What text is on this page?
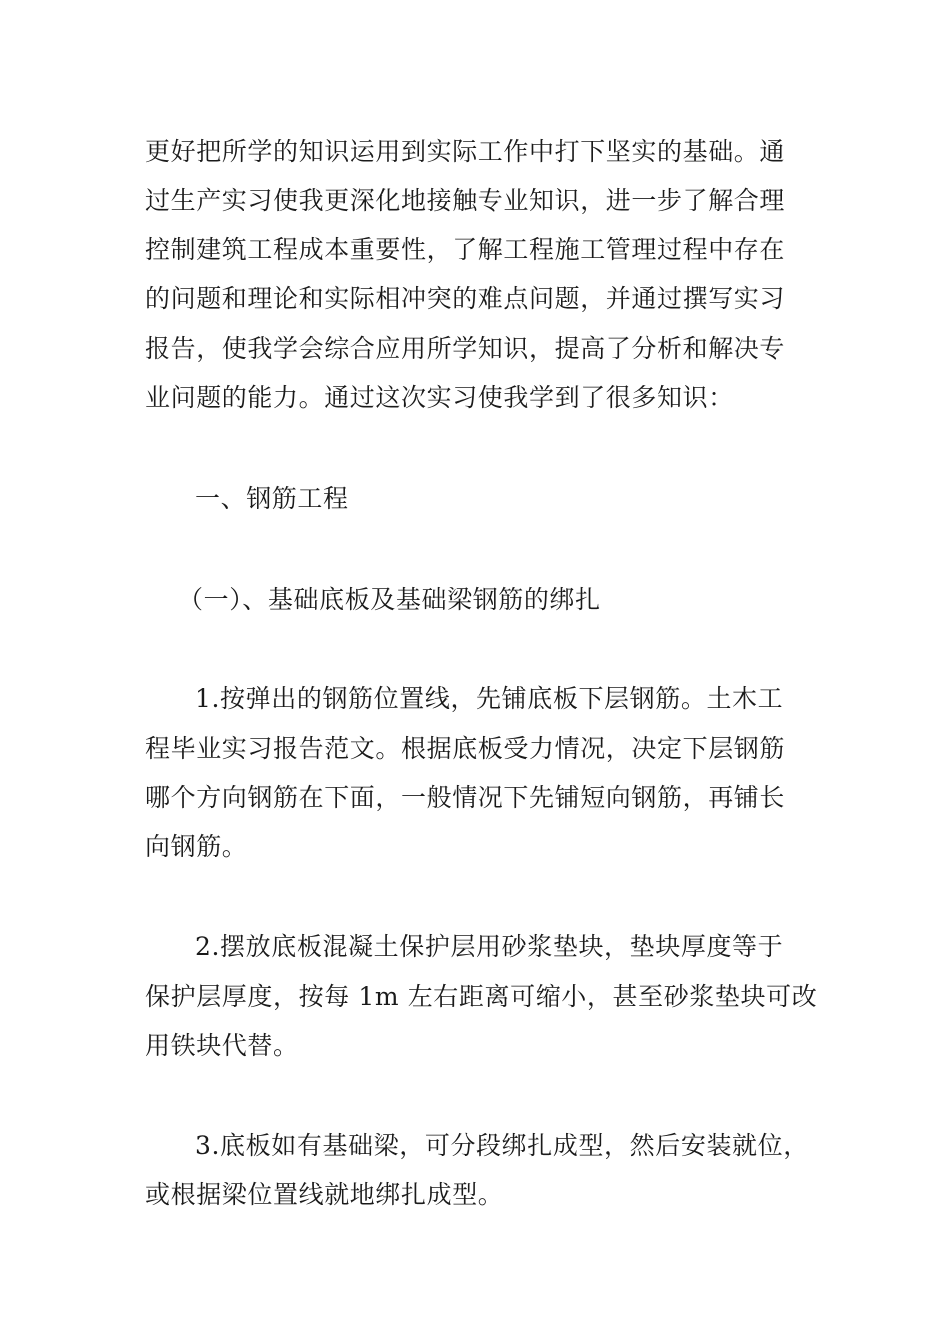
更好把所学的知识运用到实际工作中打下坚实的基础。通
过生产实习使我更深化地接触专业知识，进一步了解合理
控制建筑工程成本重要性，了解工程施工管理过程中存在
的问题和理论和实际相冲突的难点问题，并通过撰写实习
报告，使我学会综合应用所学知识，提高了分析和解决专
业问题的能力。通过这次实习使我学到了很多知识：
一、钢筋工程
（一）、基础底板及基础梁钢筋的绑扎
1.按弹出的钢筋位置线，先铺底板下层钢筋。土木工
程毕业实习报告范文。根据底板受力情况，决定下层钢筋
哪个方向钢筋在下面，一般情况下先铺短向钢筋，再铺长
向钢筋。
2.摆放底板混凝土保护层用砂浆垫块，垫块厚度等于
保护层厚度，按每 1m 左右距离可缩小，甚至砂浆垫块可改
用铁块代替。
3.底板如有基础梁，可分段绑扎成型，然后安装就位，
或根据梁位置线就地绑扎成型。
